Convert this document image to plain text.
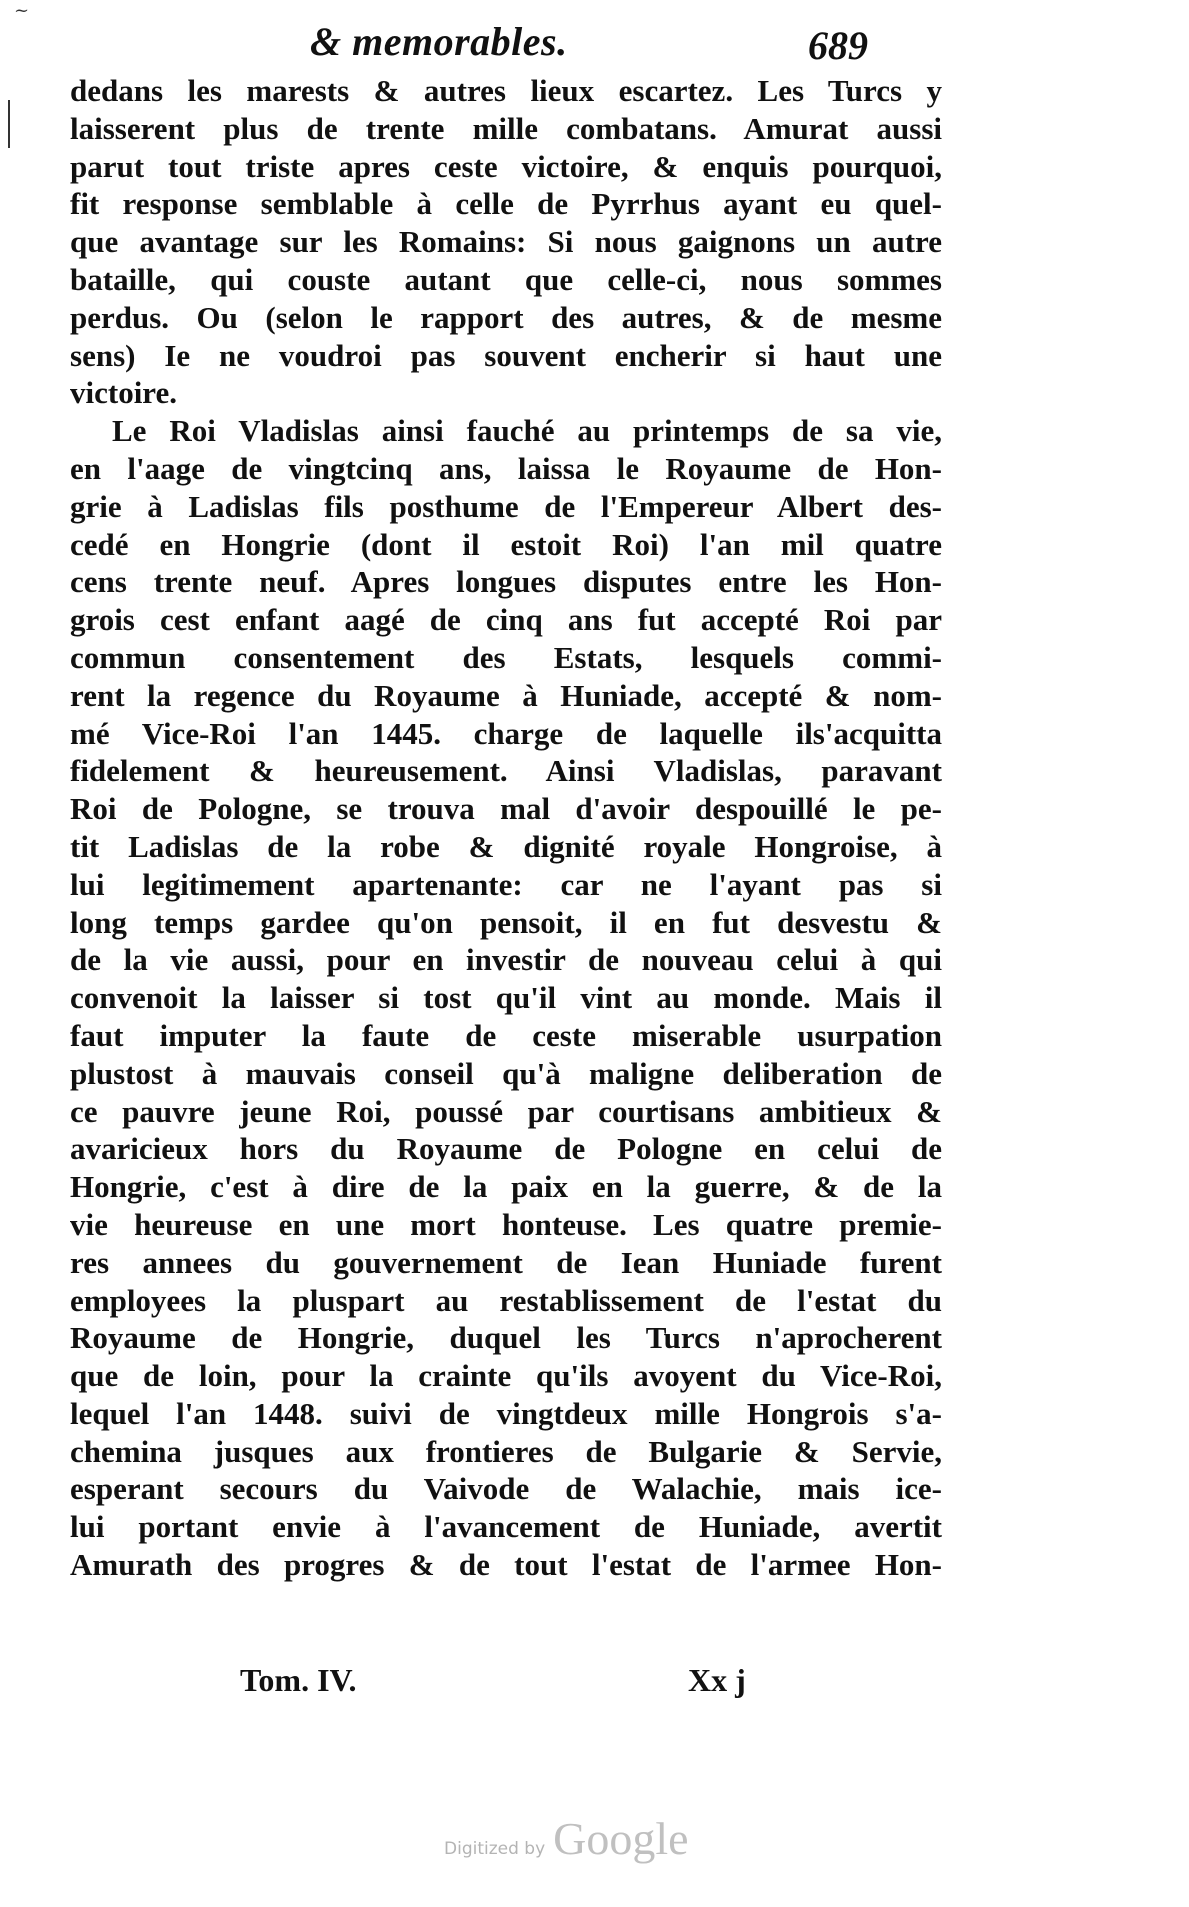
~
& memorables.	689
dedans les marests & autres lieux escartez. Les Turcs y
laisserent plus de trente mille combatans. Amurat aussi
parut tout triste apres ceste victoire, & enquis pourquoi,
fit response semblable à celle de Pyrrhus ayant eu quel-
que avantage sur les Romains: Si nous gaignons un autre
bataille, qui couste autant que celle-ci, nous sommes
perdus. Ou (selon le rapport des autres, & de mesme
sens) Ie ne voudroi pas souvent encherir si haut une
victoire.
Le Roi Vladislas ainsi fauché au printemps de sa vie,
en l'aage de vingtcinq ans, laissa le Royaume de Hon-
grie à Ladislas fils posthume de l'Empereur Albert des-
cedé en Hongrie (dont il estoit Roi) l'an mil quatre
cens trente neuf. Apres longues disputes entre les Hon-
grois cest enfant aagé de cinq ans fut accepté Roi par
commun consentement des Estats, lesquels commi-
rent la regence du Royaume à Huniade, accepté & nom-
mé Vice-Roi l'an 1445. charge de laquelle ils'acquitta
fidelement & heureusement. Ainsi Vladislas, paravant
Roi de Pologne, se trouva mal d'avoir despouillé le pe-
tit Ladislas de la robe & dignité royale Hongroise, à
lui legitimement apartenante: car ne l'ayant pas si
long temps gardee qu'on pensoit, il en fut desvestu &
de la vie aussi, pour en investir de nouveau celui à qui
convenoit la laisser si tost qu'il vint au monde. Mais il
faut imputer la faute de ceste miserable usurpation
plustost à mauvais conseil qu'à maligne deliberation de
ce pauvre jeune Roi, poussé par courtisans ambitieux &
avaricieux hors du Royaume de Pologne en celui de
Hongrie, c'est à dire de la paix en la guerre, & de la
vie heureuse en une mort honteuse. Les quatre premie-
res annees du gouvernement de Iean Huniade furent
employees la pluspart au restablissement de l'estat du
Royaume de Hongrie, duquel les Turcs n'aprocherent
que de loin, pour la crainte qu'ils avoyent du Vice-Roi,
lequel l'an 1448. suivi de vingtdeux mille Hongrois s'a-
chemina jusques aux frontieres de Bulgarie & Servie,
esperant secours du Vaivode de Walachie, mais ice-
lui portant envie à l'avancement de Huniade, avertit
Amurath des progres & de tout l'estat de l'armee Hon-
Tom. IV.	Xx j
Digitized by Google
